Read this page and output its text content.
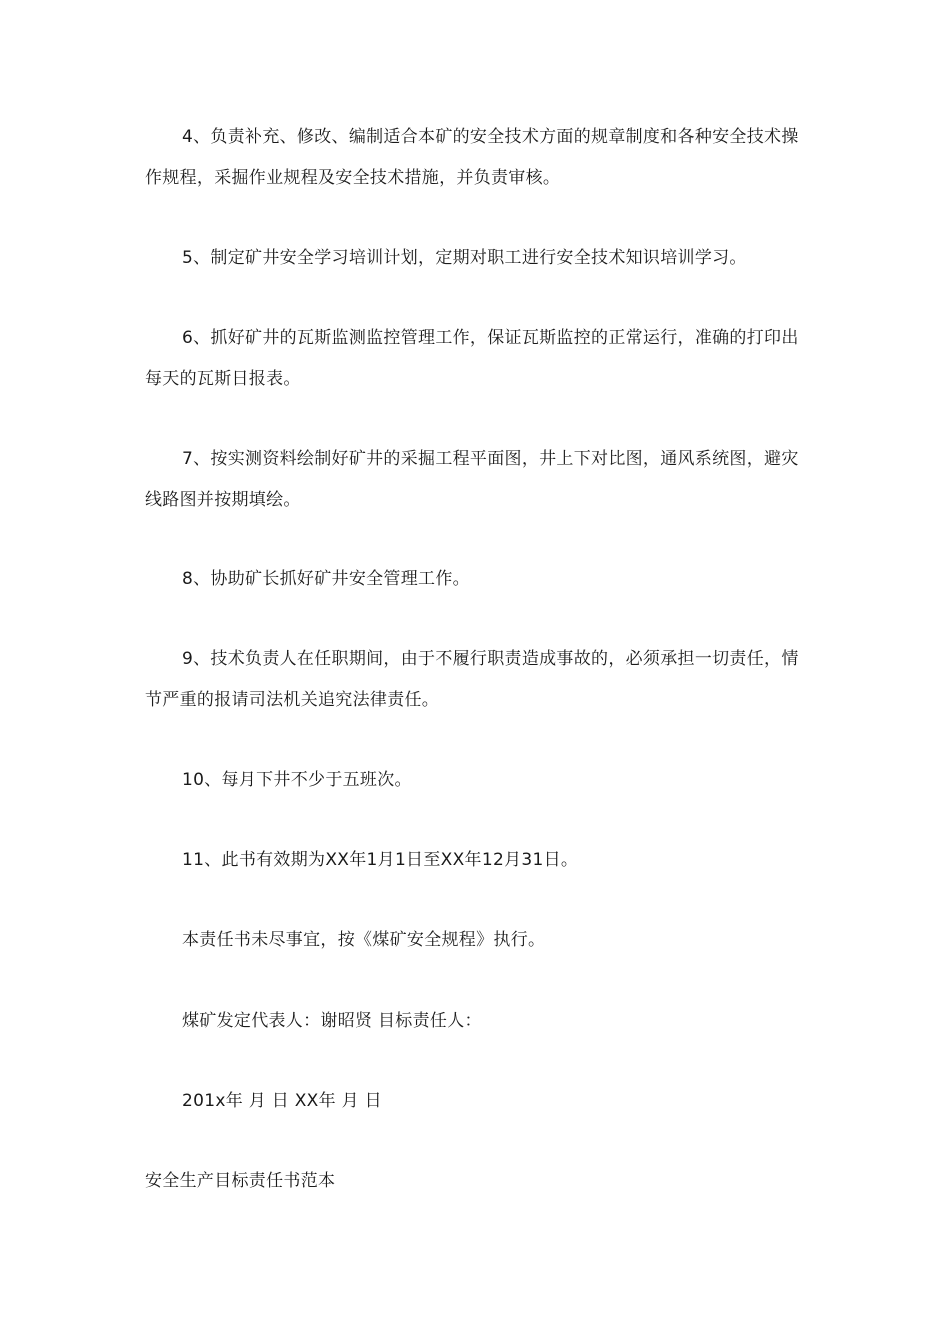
4、负责补充、修改、编制适合本矿的安全技术方面的规章制度和各种安全技术操作规程，采掘作业规程及安全技术措施，并负责审核。

5、制定矿井安全学习培训计划，定期对职工进行安全技术知识培训学习。

6、抓好矿井的瓦斯监测监控管理工作，保证瓦斯监控的正常运行，准确的打印出每天的瓦斯日报表。

7、按实测资料绘制好矿井的采掘工程平面图，井上下对比图，通风系统图，避灾线路图并按期填绘。

8、协助矿长抓好矿井安全管理工作。

9、技术负责人在任职期间，由于不履行职责造成事故的，必须承担一切责任，情节严重的报请司法机关追究法律责任。

10、每月下井不少于五班次。

11、此书有效期为XX年1月1日至XX年12月31日。

本责任书未尽事宜，按《煤矿安全规程》执行。

煤矿发定代表人：谢昭贤 目标责任人：

201x年 月 日 XX年 月 日

安全生产目标责任书范本
